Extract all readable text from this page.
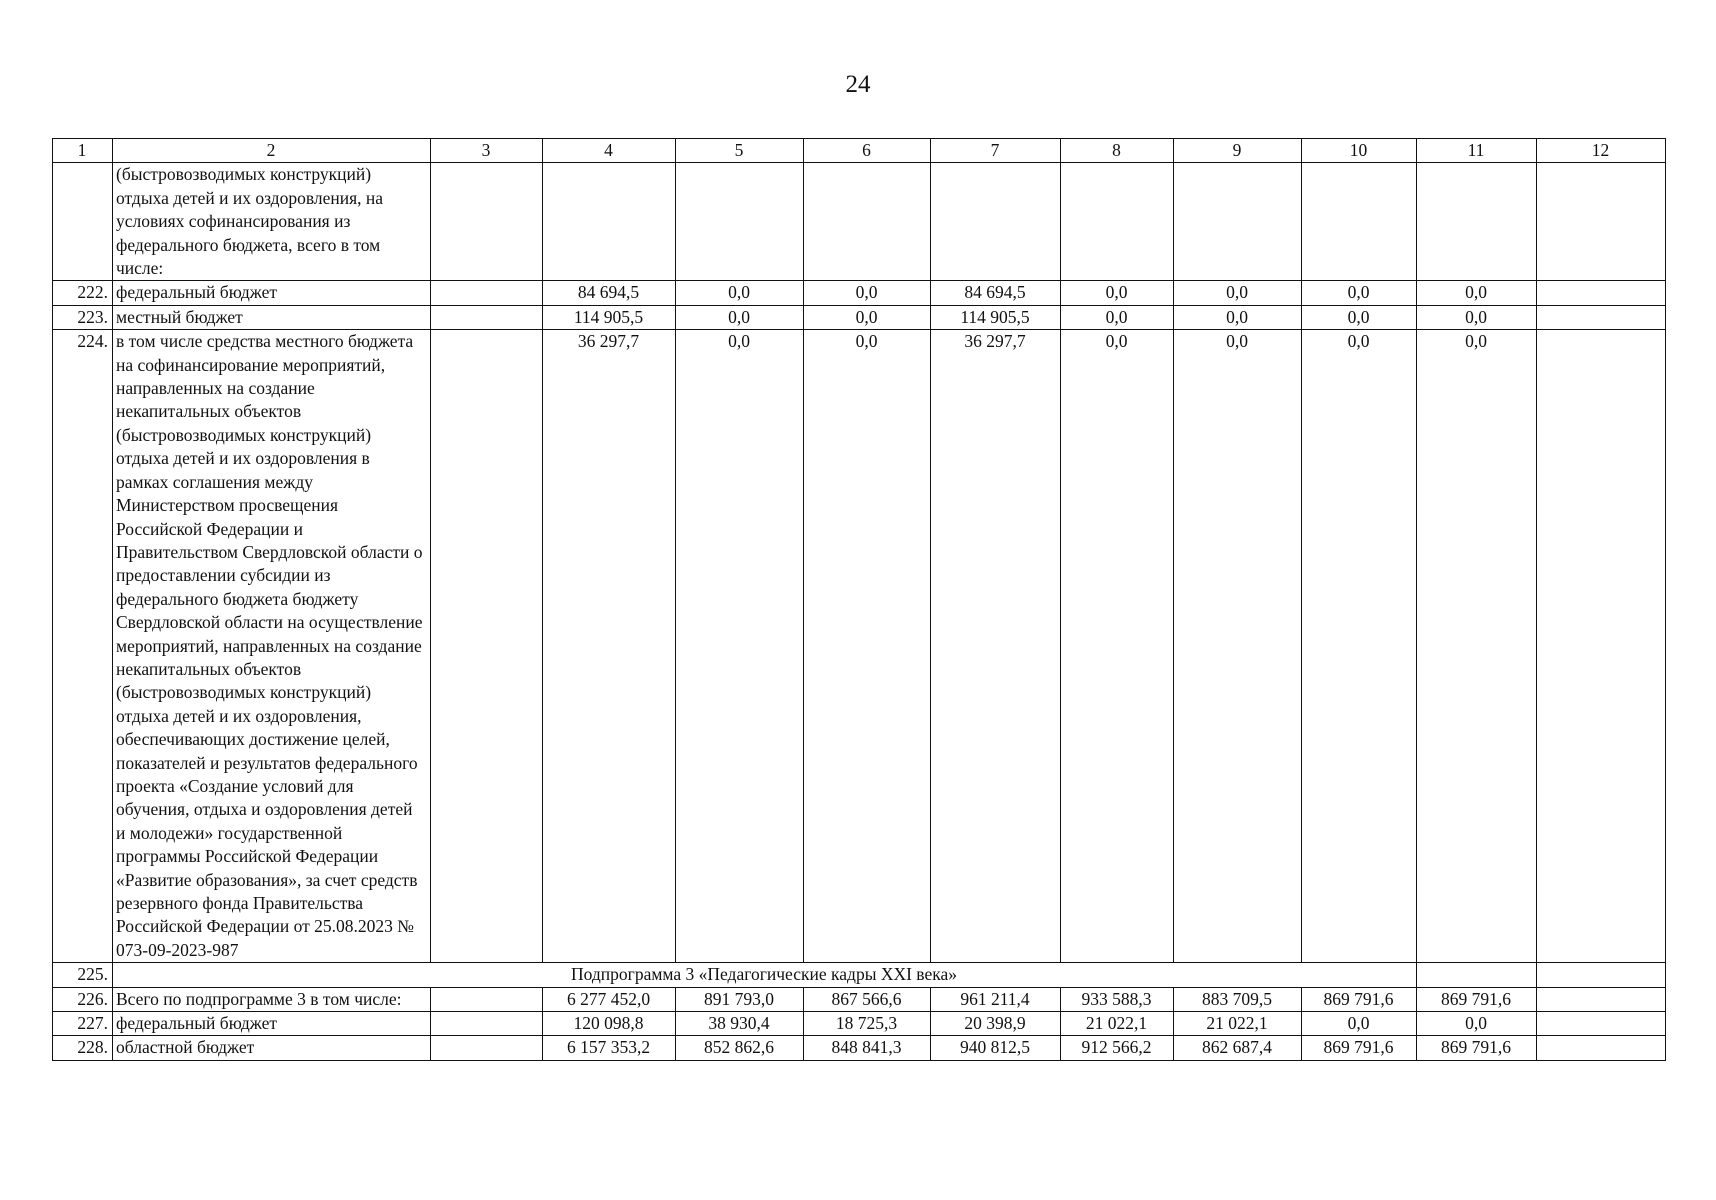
24
1	2	3	4	5	6	7	8	9	10	11	12
	(быстровозводимых конструкций) отдыха детей и их оздоровления, на условиях софинансирования из федерального бюджета, всего в том числе:										
222.	федеральный бюджет		84 694,5	0,0	0,0	84 694,5	0,0	0,0	0,0	0,0	
223.	местный бюджет		114 905,5	0,0	0,0	114 905,5	0,0	0,0	0,0	0,0	
224.	в том числе средства местного бюджета на софинансирование мероприятий, направленных на создание некапитальных объектов (быстровозводимых конструкций) отдыха детей и их оздоровления в рамках соглашения между Министерством просвещения Российской Федерации и Правительством Свердловской области о предоставлении субсидии из федерального бюджета бюджету Свердловской области на осуществление мероприятий, направленных на создание некапитальных объектов (быстровозводимых конструкций) отдыха детей и их оздоровления, обеспечивающих достижение целей, показателей и результатов федерального проекта «Создание условий для обучения, отдыха и оздоровления детей и молодежи» государственной программы Российской Федерации «Развитие образования», за счет средств резервного фонда Правительства Российской Федерации от 25.08.2023 № 073-09-2023-987		36 297,7	0,0	0,0	36 297,7	0,0	0,0	0,0	0,0	
225.	Подпрограмма 3 «Педагогические кадры XXI века»										
226.	Всего по подпрограмме 3 в том числе:		6 277 452,0	891 793,0	867 566,6	961 211,4	933 588,3	883 709,5	869 791,6	869 791,6	
227.	федеральный бюджет		120 098,8	38 930,4	18 725,3	20 398,9	21 022,1	21 022,1	0,0	0,0	
228.	областной бюджет		6 157 353,2	852 862,6	848 841,3	940 812,5	912 566,2	862 687,4	869 791,6	869 791,6	
